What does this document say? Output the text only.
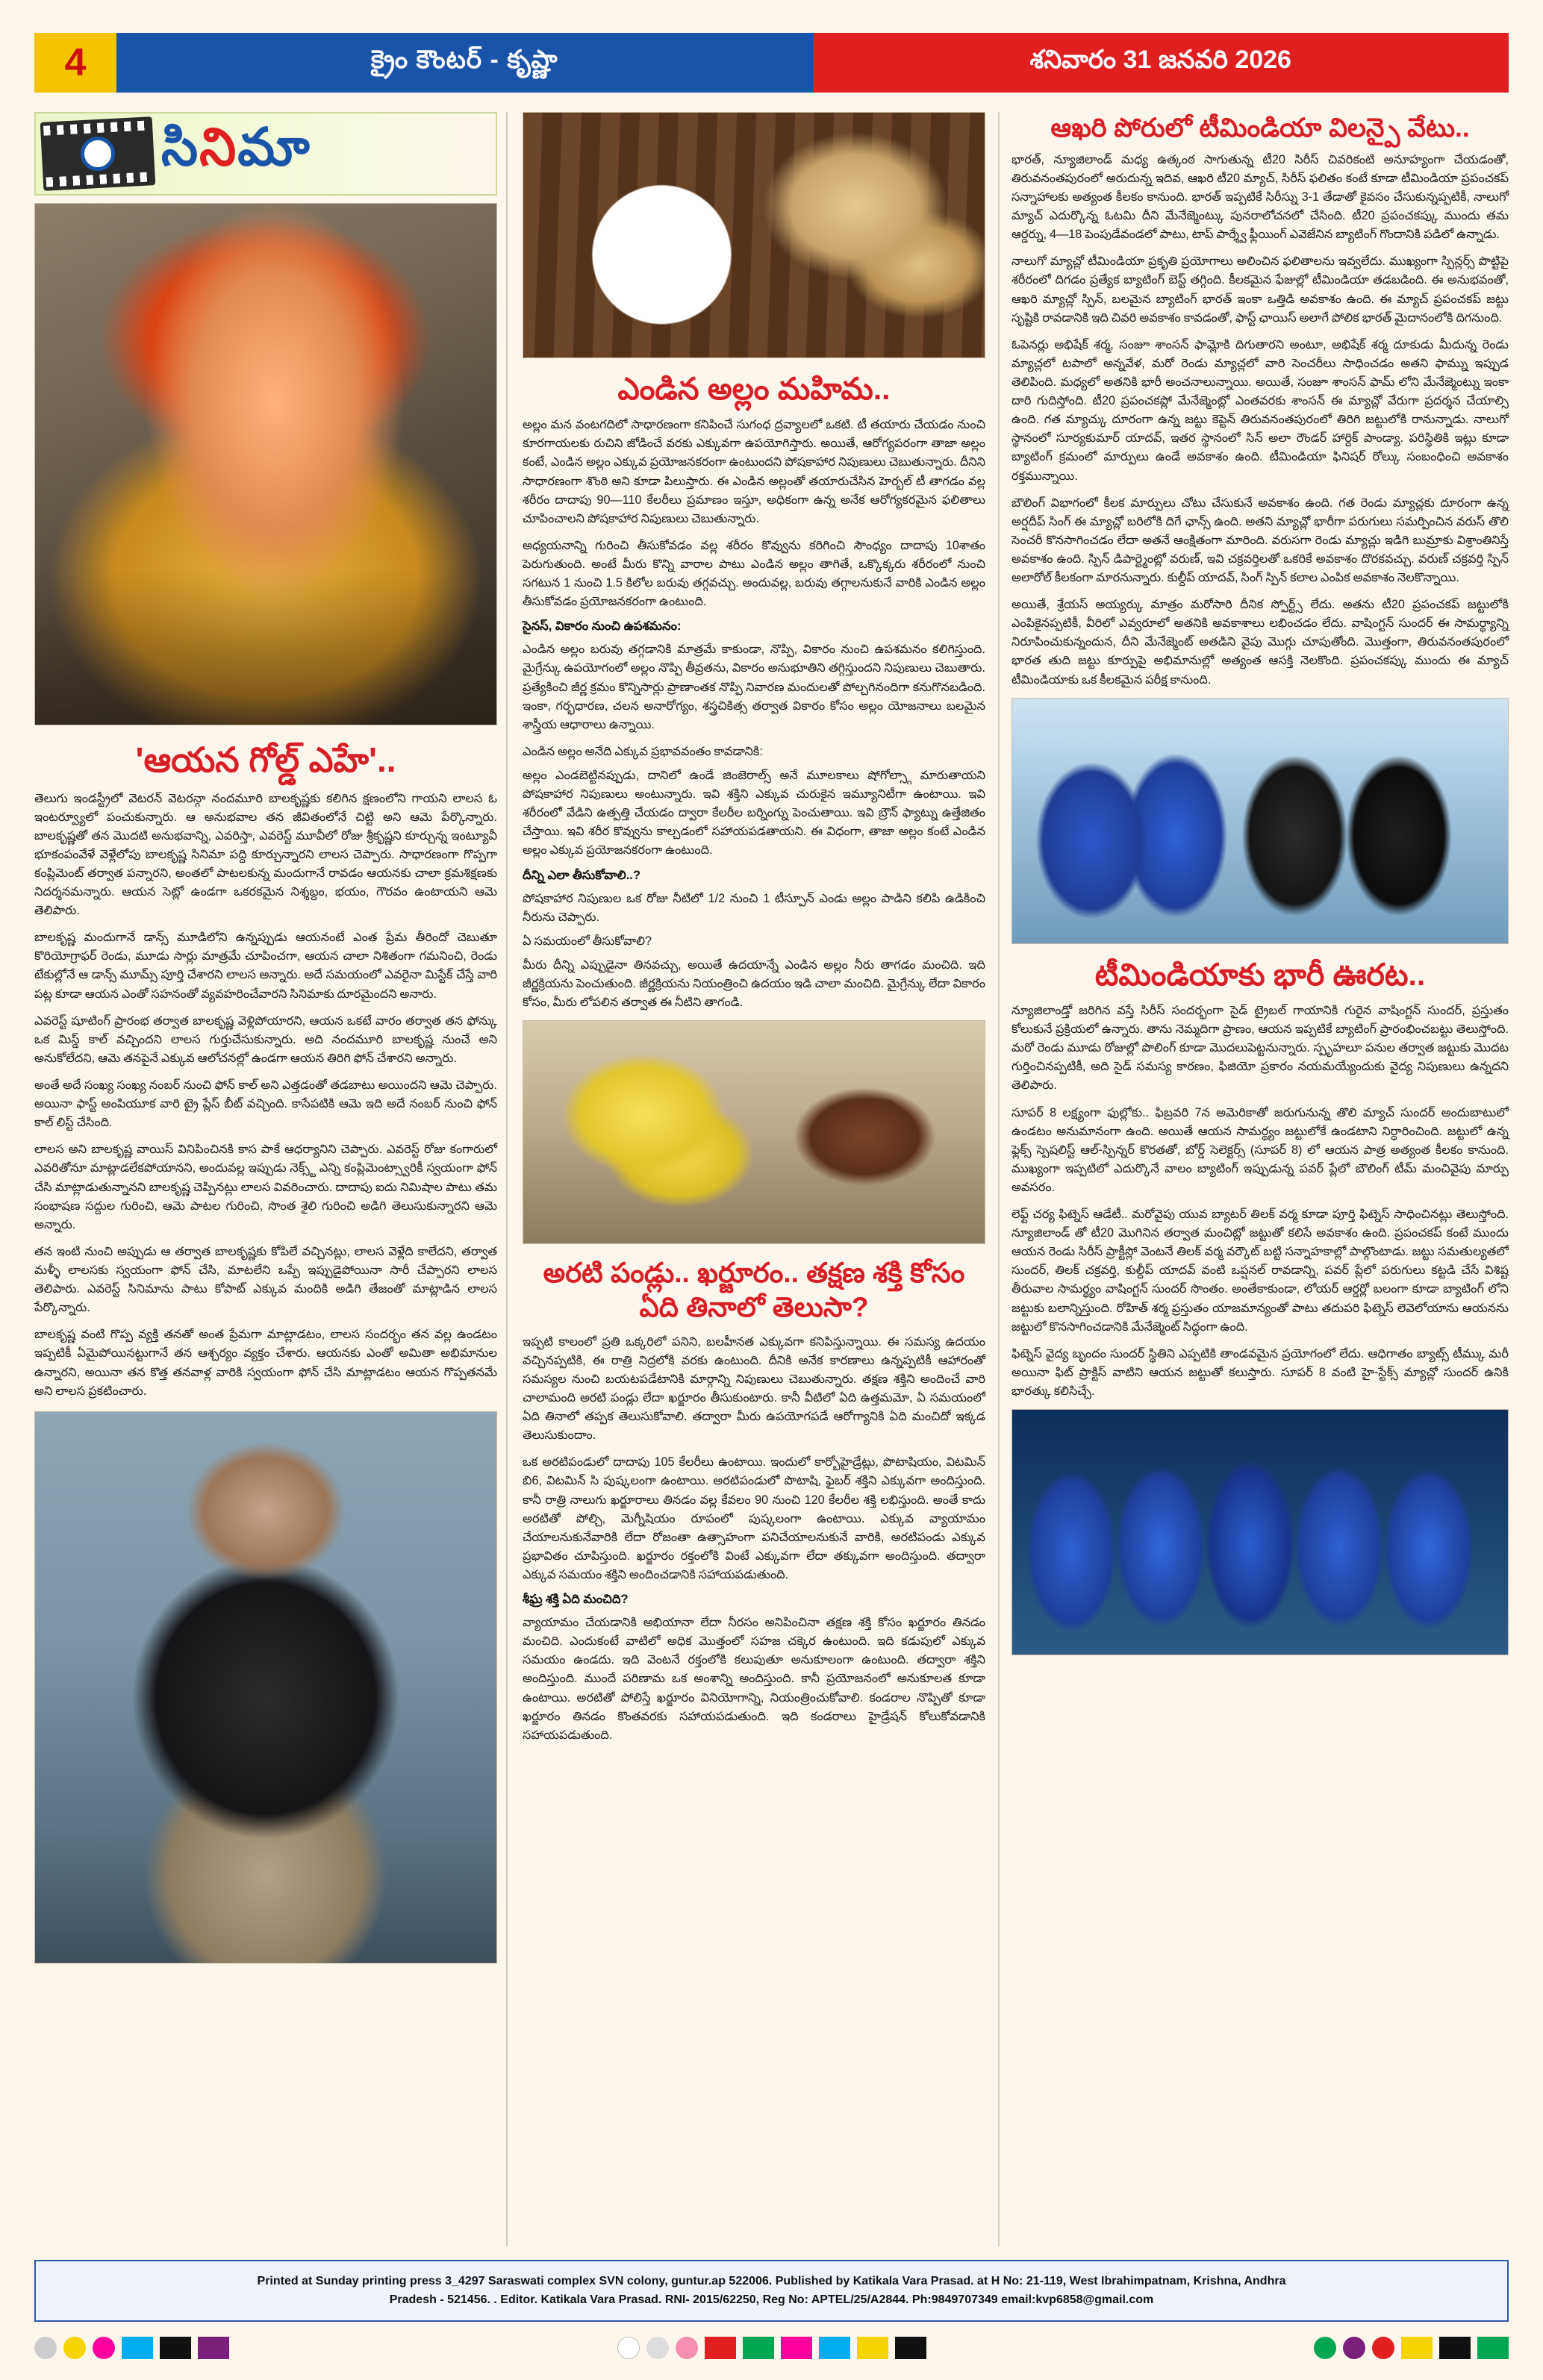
4	క్రైం కౌంటర్ - కృష్ణా	శనివారం 31 జనవరి 2026
సినిమా
'ఆయన గోల్డ్ ఎహే'..

తెలుగు ఇండస్ట్రీలో వెటరన్ వెటరన్గా నందమూరి బాలకృష్ణకు కలిగిన క్షణంలోని గాయని లాలస ఓ ఇంటర్వ్యూలో పంచుకున్నారు. ఆ అనుభవాల తన జీవితంలోనే చిట్టి అని ఆమె పేర్కొన్నారు. బాలకృష్ణతో తన మొదటి అనుభవాన్ని, ఎవరిస్తా, ఎవరెస్ట్ మూవీలో రోజు శ్రీకృష్ణని కూర్చున్న ఇంట్యూవీ భూకంపంవేళే వెళ్లేలోపు బాలకృష్ణ సినిమా పద్ది కూర్చున్నారని లాలస చెప్పారు. సాధారణంగా గొప్పగా కంప్లిమెంట్ తర్వాత పన్నారని, అంతలో పాటలకున్న మందుగానే రావడం ఆయనకు చాలా క్రమశిక్షణకు నిదర్శనమన్నారు. ఆయన సెట్లో ఉండగా ఒకరకమైన నిశ్శబ్దం, భయం, గౌరవం ఉంటాయని ఆమె తెలిపారు.

బాలకృష్ణ మందుగానే డాన్స్ మూడిలోని ఉన్నప్పుడు ఆయనంటే ఎంత ప్రేమ తీరిందో చెబుతూ కొరియోగ్రాఫర్ రెండు, మూడు సార్లు మాత్రమే చూపించగా, ఆయన చాలా నిశితంగా గమనించి, రెండు టేకుల్లోనే ఆ డాన్స్ మూమ్స్ పూర్తి చేశారని లాలస అన్నారు. అదే సమయంలో ఎవరైనా మిస్టేక్ చేస్తే వారి పట్ల కూడా ఆయన ఎంతో సహనంతో వ్యవహరించేవారని సినిమాకు దూరమైందని అనారు.

ఎవరెస్ట్ షూటింగ్ ప్రారంభ తర్వాత బాలకృష్ణ వెళ్లిపోయారని, ఆయన ఒకటే వారం తర్వాత తన ఫోన్కు ఒక మిస్డ్ కాల్ వచ్చిందని లాలస గుర్తుచేసుకున్నారు. అది నందమూరి బాలకృష్ణ నుంచే అని అనుకోలేదని, ఆమె తనపైనే ఎక్కువ ఆలోచనల్లో ఉండగా ఆయన తిరిగి ఫోన్ చేశారని అన్నారు.

అంతే అదే సంఖ్య సంఖ్య నంబర్ నుంచి ఫోన్ కాల్ అని ఎత్తడంతో తడబాటు అయిందని ఆమె చెప్పారు. అయినా ఫాస్ట్ అంపియూక వారి ట్రై ప్లేస్ బీట్ వచ్చింది. కాసేపటికి ఆమె ఇది అదే నంబర్ నుంచి ఫోన్ కాల్ లిస్ట్ చేసింది.

లాలస అని బాలకృష్ణ వాయిస్ వినిపించినకి కాస పాకే ఆధర్యానిని చెప్పారు. ఎవరెస్ట్ రోజు కంగారులో ఎవరితోనూ మాట్లాడలేకపోయానని, అందువల్ల ఇప్పుడు నెక్స్ట్ ఎన్ని కంప్లిమెంట్స్వారికీ స్వయంగా ఫోన్ చేసి మాట్లాడుతున్నానని బాలకృష్ణ చెప్పినట్లు లాలస వివరించారు. దాదాపు ఐదు నిమిషాల పాటు తమ సంభాషణ సద్దుల గురించి, ఆమె పాటల గురించి, సొంత శైలి గురించి అడిగి తెలుసుకున్నారని ఆమె అన్నారు.

తన ఇంటి నుంచి అప్పుడు ఆ తర్వాత బాలకృష్ణకు కోపిలే వచ్చినట్లు, లాలస వెళ్లేది కాలేదని, తర్వాత మళ్ళీ లాలసకు స్వయంగా ఫోన్ చేసి, మాటలేని ఒప్పే ఇప్పుడైపోయినా సారీ చేప్పారని లాలస తెలిపారు. ఎవరెస్ట్ సినిమాను పాటు కోపాట్ ఎక్కువ మందికి అడిగి తేజంతో మాట్లాడిన లాలస పేర్కొన్నారు.

బాలకృష్ణ వంటి గొప్ప వ్యక్తి తనతో అంత ప్రేమగా మాట్లాడటం, లాలస సందర్భం తన వల్ల ఉండటం ఇప్పటికీ ఏమైపోయినట్టుగానే తన ఆశ్చర్యం వ్యక్తం చేశారు. ఆయనకు ఎంతో అమితా అభిమానుల ఉన్నారని, అయినా తన కొత్త తనవాళ్ల వారికి స్వయంగా ఫోన్ చేసి మాట్లాడటం ఆయన గొప్పతనమే అని లాలస ప్రకటించారు.

ఎండిన అల్లం మహిమ..

అల్లం మన వంటగదిలో సాధారణంగా కనిపించే సుగంధ ద్రవ్యాలలో ఒకటి. టీ తయారు చేయడం నుంచి కూరగాయలకు రుచిని జోడించే వరకు ఎక్కువగా ఉపయోగిస్తారు. అయితే, ఆరోగ్యపరంగా తాజా అల్లం కంటే, ఎండిన అల్లం ఎక్కువ ప్రయోజనకరంగా ఉంటుందని పోషకాహార నిపుణులు చెబుతున్నారు. దీనిని సాధారణంగా శొంఠి అని కూడా పిలుస్తారు. ఈ ఎండిన అల్లంతో తయారుచేసిన హెర్బల్ టీ తాగడం వల్ల శరీరం దాదాపు 90—110 కేలరీలు ప్రమాణం ఇస్తూ, అధికంగా ఉన్న అనేక ఆరోగ్యకరమైన ఫలితాలు చూపించాలని పోషకాహార నిపుణులు చెబుతున్నారు.

అధ్యయనాన్ని గురించి తీసుకోవడం వల్ల శరీరం కొవ్వును కరిగించి సౌంధ్యం దాదాపు 10శాతం పెరుగుతుంది. అంటే మీరు కొన్ని వారాల పాటు ఎండిన అల్లం తాగితే, ఒక్కొక్కరు శరీరంలో నుంచి సగటున 1 నుంచి 1.5 కిలోల బరువు తగ్గవచ్చు. అందువల్ల, బరువు తగ్గాలనుకునే వారికి ఎండిన అల్లం తీసుకోవడం ప్రయోజనకరంగా ఉంటుంది.

సైనస్, వికారం నుంచి ఉపశమనం:

ఎండిన అల్లం బరువు తగ్గడానికి మాత్రమే కాకుండా, నొప్పి, వికారం నుంచి ఉపశమనం కలిగిస్తుంది. మైగ్రేన్కు ఉపయోగంలో అల్లం నొప్పి తీవ్రతను, వికారం అనుభూతిని తగ్గిస్తుందని నిపుణులు చెబుతారు. ప్రత్యేకించి జీర్ణ క్రమం కొన్నిసార్లు ప్రాణాంతక నొప్పి నివారణ మందులతో పోల్చగినందిగా కనుగొనబడింది. ఇంకా, గర్భధారణ, చలన అనారోగ్యం, శస్త్రచికిత్స తర్వాత వికారం కోసం అల్లం యోజనాలు బలమైన శాస్త్రీయ ఆధారాలు ఉన్నాయి.

ఎండిన అల్లం అనేది ఎక్కువ ప్రభావవంతం కావడానికి:

అల్లం ఎండబెట్టినప్పుడు, దానిలో ఉండే జింజెరాల్స్ అనే మూలకాలు షోగోల్స్గా మారుతాయని పోషకాహార నిపుణులు అంటున్నారు. ఇవి శక్తిని ఎక్కువ చురుకైన ఇమ్యూనిటీగా ఉంటాయి. ఇవి శరీరంలో వేడిని ఉత్పత్తి చేయడం ద్వారా కేలరీల బర్నింగ్ను పెంచుతాయి. ఇవి బ్రౌన్ ఫ్యాట్ను ఉత్తేజితం చేస్తాయి. ఇవి శరీర కొవ్వును కాల్చడంలో సహాయపడతాయని. ఈ విధంగా, తాజా అల్లం కంటే ఎండిన అల్లం ఎక్కువ ప్రయోజనకరంగా ఉంటుంది.

దీన్ని ఎలా తీసుకోవాలి..?

పోషకాహార నిపుణుల ఒక రోజు నీటిలో 1/2 నుంచి 1 టీస్పూన్ ఎండు అల్లం పాడిని కలిపి ఉడికించి నీరును చెప్పారు.

ఏ సమయంలో తీసుకోవాలి?

మీరు దీన్ని ఎప్పుడైనా తినవచ్చు, అయితే ఉదయాన్నే ఎండిన అల్లం నీరు తాగడం మంచిది. ఇది జీర్ణక్రియను పెంచుతుంది. జీర్ణక్రియను నియంత్రించి ఉదయం ఇడి చాలా మంచిది. మైగ్రేన్కు లేదా వికారం కోసం, మీరు లోపలిన తర్వాత ఈ నీటిని తాగండి.

అరటి పండ్లు.. ఖర్జూరం.. తక్షణ శక్తి కోసం ఏది తినాలో తెలుసా?

ఇప్పటి కాలంలో ప్రతి ఒక్కరిలో పనిని, బలహీనత ఎక్కువగా కనిపిస్తున్నాయి. ఈ సమస్య ఉదయం వచ్చినప్పటికి, ఈ రాత్రి నిద్రలోకి వరకు ఉంటుంది. దీనికి అనేక కారణాలు ఉన్నప్పటికీ ఆహారంతో సమస్యల నుంచి బయటపడేటానికి మార్గాన్ని నిపుణులు చెబుతున్నారు. తక్షణ శక్తిని అందించే వారి చాలామంది అరటి పండ్లు లేదా ఖర్జూరం తీసుకుంటారు. కానీ వీటిలో ఏది ఉత్తమమో, ఏ సమయంలో ఏది తినాలో తప్పక తెలుసుకోవాలి. తద్వారా మీరు ఉపయోగపడే ఆరోగ్యానికి ఏది మంచిదో ఇక్కడ తెలుసుకుందాం.

ఒక అరటిపండులో దాదాపు 105 కేలరీలు ఉంటాయి. ఇందులో కార్బోహైడ్రేట్లు, పొటాషియం, విటమిన్ బి6, విటమిన్ సి పుష్కలంగా ఉంటాయి. అరటిపండులో పొటాషి, ఫైబర్ శక్తిని ఎక్కువగా అందిస్తుంది. కానీ రాత్రి నాలుగు ఖర్జూరాలు తినడం వల్ల కేవలం 90 నుంచి 120 కేలరీల శక్తి లభిస్తుంది. అంతే కాదు అరటితో పోల్చి, మెగ్నీషియం రూపంలో పుష్కలంగా ఉంటాయి. ఎక్కువ వ్యాయామం చేయాలనుకునేవారికి లేదా రోజంతా ఉత్సాహంగా పనిచేయాలనుకునే వారికి, అరటిపండు ఎక్కువ ప్రభావితం చూపిస్తుంది. ఖర్జూరం రక్తంలోకి వింటే ఎక్కువగా లేదా తక్కువగా అందిస్తుంది. తద్వారా ఎక్కువ సమయం శక్తిని అందించడానికి సహాయపడుతుంది.

శీఘ్ర శక్తి ఏది మంచిది?

వ్యాయామం చేయడానికి అభియానా లేదా నీరసం అనిపించినా తక్షణ శక్తి కోసం ఖర్జూరం తినడం మంచిది. ఎందుకంటే వాటిలో అధిక మొత్తంలో సహజ చక్కెర ఉంటుంది. ఇది కడుపులో ఎక్కువ సమయం ఉండదు. ఇది వెంటనే రక్తంలోకి కలుపుతూ అనుకూలంగా ఉంటుంది. తద్వారా శక్తిని అందిస్తుంది. ముందే పరిణామ ఒక అంశాన్ని అందిస్తుంది. కానీ ప్రయోజనంలో అనుకూలత కూడా ఉంటాయి. అరటితో పోలిస్తే ఖర్జూరం వినియోగాన్ని, నియంత్రించుకోవాలి. కండరాల నొప్పితో కూడా ఖర్జూరం తినడం కొంతవరకు సహాయపడుతుంది. ఇది కండరాలు హైడ్రేషన్ కోలుకోవడానికి సహాయపడుతుంది.

ఆఖరి పోరులో టీమిండియా విలన్పై వేటు..

భారత్, న్యూజిలాండ్ మధ్య ఉత్కంఠ సాగుతున్న టీ20 సిరీస్ చివరికంటి అనూహ్యంగా చేయడంతో, తిరువనంతపురంలో అరుదున్న ఇదివ, ఆఖరి టీ20 మ్యాచ్, సిరీస్ ఫలితం కంటే కూడా టీమిండియా ప్రపంచకప్ సన్నాహాలకు అత్యంత కీలకం కానుంది. భారత్ ఇప్పటికే సిరీస్ను 3-1 తేడాతో కైవసం చేసుకున్నప్పటికీ, నాలుగో మ్యాచ్ ఎదుర్కొన్న ఓటమి దీని మేనేజ్మెంట్కు పునరాలోచనలో చేసింది. టీ20 ప్రపంచకప్కు ముందు తమ ఆర్డర్ను, 4—18 పెంపుడేవండలో పాటు, టాప్ పార్శ్వే ఫ్లీయింగ్ ఎవెజేనిన బ్యాటింగ్ గొందానికి పడిలో ఉన్నాడు.

నాలుగో మ్యాచ్లో టీమిండియా ప్రకృతి ప్రయోగాలు అలించిన ఫలితాలను ఇవ్వలేదు. ముఖ్యంగా స్పిన్లర్స్ పొట్టిపై శరీరంలో దిగడం ప్రత్యేక బ్యాటింగ్ బెస్ట్ తగ్గింది. కీలకమైన ఫేజుల్లో టీమిండియా తడబడింది. ఈ అనుభవంతో, ఆఖరి మ్యాచ్లో స్పిన్, బలమైన బ్యాటింగ్ భారత్ ఇంకా ఒత్తిడి అవకాశం ఉంది. ఈ మ్యాచ్ ప్రపంచకప్ జట్టు సృష్టికి రావడానికి ఇది చివరి అవకాశం కావడంతో, ఫాస్ట్ ఛాయిస్ అలాగే పోలిక భారత్ మైదానంలోకి దిగనుంది.

ఓపెనర్లు అభిషేక్ శర్మ, సంజూ శాంసన్ ఫామ్లోకి దిగుతారని అంటూ, అభిషేక్ శర్మ దూకుడు మీదున్న రెండు మ్యాచ్లలో టపాలో అన్నవేళ, మరో రెండు మ్యాచ్లలో వారి సెంచరీలు సాధించడం అతని ఫామ్ను ఇప్పుడ తెలిపింది. మధ్యలో అతనికి భారీ అంచనాలున్నాయి. అయితే, సంజూ శాంసన్ ఫామ్ లోని మేనేజ్మెంట్ను ఇంకా దారి గుదిస్తోంది. టీ20 ప్రపంచకప్లో మేనేజ్మెంట్లో ఎంతవరకు శాంసన్ ఈ మ్యాచ్లో వేరుగా ప్రదర్శన చేయాల్సి ఉంది. గత మ్యాచ్కు దూరంగా ఉన్న జట్టు కెప్టెన్ తిరువనంతపురంలో తిరిగి జట్టులోకి రానున్నాడు. నాలుగో స్థానంలో సూర్యకుమార్ యాదవ్, ఇతర స్థానంలో సిన్ అలా రౌండర్ హార్దిక్ పాండ్యా. పరిస్థితికి ఇట్లు కూడా బ్యాటింగ్ క్రమంలో మార్పులు ఉండే అవకాశం ఉంది. టీమిండియా ఫినిషర్ రోల్కు సంబంధించి అవకాశం రక్తమున్నాయి.

బౌలింగ్ విభాగంలో కీలక మార్పులు చోటు చేసుకునే అవకాశం ఉంది. గత రెండు మ్యాచ్లకు దూరంగా ఉన్న అర్షదీప్ సింగ్ ఈ మ్యాచ్లో బరిలోకి దిగే ఛాన్స్ ఉంది. అతని మ్యాచ్లో భారీగా పరుగులు సమర్పించిన వరుస్ తొలి సెంచరీ కొనసాగించడం లేదా అతనే ఆంక్షితంగా మారింది. వరుసగా రెండు మ్యాచ్లు ఇడిగి బుమ్రాకు విశ్రాంతినిస్తే అవకాశం ఉంది. స్పిన్ డిపార్ట్మెంట్లో వరుణ్, ఇవి చక్రవర్తిలతో ఒకరికే అవకాశం దొరకవచ్చు. వరుణ్ చక్రవర్తి స్పిన్ అలారోల్ కీలకంగా మారనున్నారు. కుల్దీప్ యాదవ్, సింగ్ స్పిన్ కలాల ఎంపిక అవకాశం నెలకొన్నాయి.

అయితే, శ్రేయస్ అయ్యర్కు మాత్రం మరోసారి దీనిక స్పోర్ట్స్ లేదు. అతను టీ20 ప్రపంచకప్ జట్టులోకి ఎంపికైనప్పటికీ, వీరిలో ఎవ్వరూలో అతనికి అవకాశాలు లభించడం లేదు. వాషింగ్టన్ సుందర్ ఈ సామర్థ్యాన్ని నిరూపించుకున్నందున, దీని మేనేజ్మెంట్ అతడిని వైపు మొగ్గు చూపుతోంది. మొత్తంగా, తిరువనంతపురంలో భారత తుది జట్టు కూర్పుపై అభిమానుల్లో అత్యంత ఆసక్తి నెలకొంది. ప్రపంచకప్కు ముందు ఈ మ్యాచ్ టీమిండియాకు ఒక కీలకమైన పరీక్ష కానుంది.

టీమిండియాకు భారీ ఊరట..

న్యూజిలాండ్తో జరిగిన వస్తే సిరీస్ సందర్భంగా సైడ్ ట్రైబల్ గాయానికి గురైన వాషింగ్టన్ సుందర్, ప్రస్తుతం కోలుకునే ప్రక్రియలో ఉన్నారు. తాను నెమ్మదిగా ప్రాణం, ఆయన ఇప్పటికే బ్యాటింగ్ ప్రారంభించబట్టు తెలుస్తోంది. మరో రెండు మూడు రోజుల్లో పొలింగ్ కూడా మొదలుపెట్టనున్నారు. స్పృహలూ పనుల తర్వాత జట్టుకు మొదట గుర్తించినప్పటికీ, అది సైడ్ సమస్య కారణం, ఫిజియో ప్రకారం నయమయ్యేందుకు వైద్య నిపుణులు ఉన్నదని తెలిపారు.

సూపర్ 8 లక్ష్యంగా ఫుల్లోకు.. ఫిబ్రవరి 7న అమెరికాతో జరుగునున్న తొలి మ్యాచ్ సుందర్ అందుబాటులో ఉండటం అనుమానంగా ఉంది. అయితే ఆయన సామర్థ్యం జట్టులోకే ఉండటాని నిర్ధారించింది. జట్టులో ఉన్న ఫ్లెక్స్ స్పెషలిస్ట్ ఆల్-స్పిన్నర్ కొరతతో, బోర్డ్ సెలెక్టర్స్ (సూపర్ 8) లో ఆయన పాత్ర అత్యంత కీలకం కానుంది. ముఖ్యంగా ఇప్పటిలో ఎదుర్కొనే వాలం బ్యాటింగ్ ఇప్పుడున్న పవర్ ప్లేలో బౌలింగ్ టీమ్ మంచివైపు మార్పు అవసరం.

లెఫ్ట్ చర్య ఫిట్నెస్ ఆడేటీ.. మరోవైపు యువ బ్యాటర్ తిలక్ వర్మ కూడా పూర్తి ఫిట్నెస్ సాధించినట్లు తెలుస్తోంది. న్యూజిలాండ్ తో టీ20 మొగినిన తర్వాత మంచిట్లో జట్టుతో కలిసే అవకాశం ఉంది. ప్రపంచకప్ కంటే ముందు ఆయన రెండు సిరీస్ ప్రాక్టీస్లో వెంటనే తిలక్ వర్మ వర్కౌట్ బట్టి సన్నాహకాల్లో పాల్గొంటాడు. జట్టు సమతుల్యతలో సుందర్, తిలక్ చక్రవర్తి, కుల్దీప్ యాదవ్ వంటి ఒప్షనల్ రావడాన్ని, పవర్ ప్లేలో పరుగులు కట్టడి చేసే విశిష్ట తీరువాల సామర్థ్యం వాషింగ్టన్ సుందర్ సొంతం. అంతేకాకుండా, లోయర్ ఆర్డర్లో బలంగా కూడా బ్యాటింగ్ లోని జట్టుకు బలాన్నిస్తుంది. రోహిత్ శర్మ ప్రస్తుతం యాజమాన్యంతో పాటు తదుపరి ఫిట్నెస్ లెవెలోయాను ఆయనను జట్టులో కొనసాగించడానికి మేనేజ్మెంట్ సిద్ధంగా ఉంది.

ఫిట్నెస్ వైద్య బృందం సుందర్ స్థితిని ఎప్పటికి తాండవమైన ప్రయోగంలో లేదు. ఆధిగాతం బ్యాట్స్ టీమ్కు మరీ అయినా ఫిట్ ప్రాక్టిస్ వాటిని ఆయన జట్టుతో కలుస్తారు. సూపర్ 8 వంటి హై-స్టేక్స్ మ్యాచ్లో సుందర్ ఉనికి భారత్కు కలిసిచ్చే.

Printed at Sunday printing press 3_4297 Saraswati complex SVN colony, guntur.ap 522006. Published by Katikala Vara Prasad. at H No: 21-119, West Ibrahimpatnam, Krishna, Andhra
Pradesh - 521456. . Editor. Katikala Vara Prasad. RNI- 2015/62250, Reg No: APTEL/25/A2844. Ph:9849707349 email:kvp6858@gmail.com
